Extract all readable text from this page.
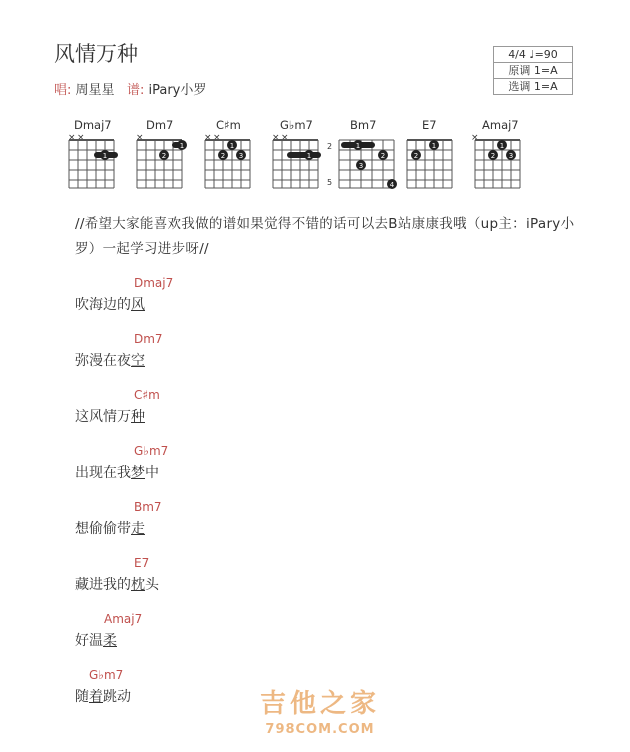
风情万种
唱: 周星星 谱: iPary小罗
4/4 ♩=90
原调 1=A
选调 1=A
Dmaj7
× ×
1
Dm7
×
1
2
C♯m
× ×
1
2 3
G♭m7
× ×
1
Bm7
2
5
1
2
3
4
E7
1
2
Amaj7
×
1
2 3
//希望大家能喜欢我做的谱如果觉得不错的话可以去B站康康我哦（up主：iPary小罗）一起学习进步呀//
Dmaj7
吹海边的风
Dm7
弥漫在夜空
C♯m
这风情万种
G♭m7
出现在我梦中
Bm7
想偷偷带走
E7
藏进我的枕头
Amaj7
好温柔
G♭m7
随着跳动	吉他之家
798COM.COM
